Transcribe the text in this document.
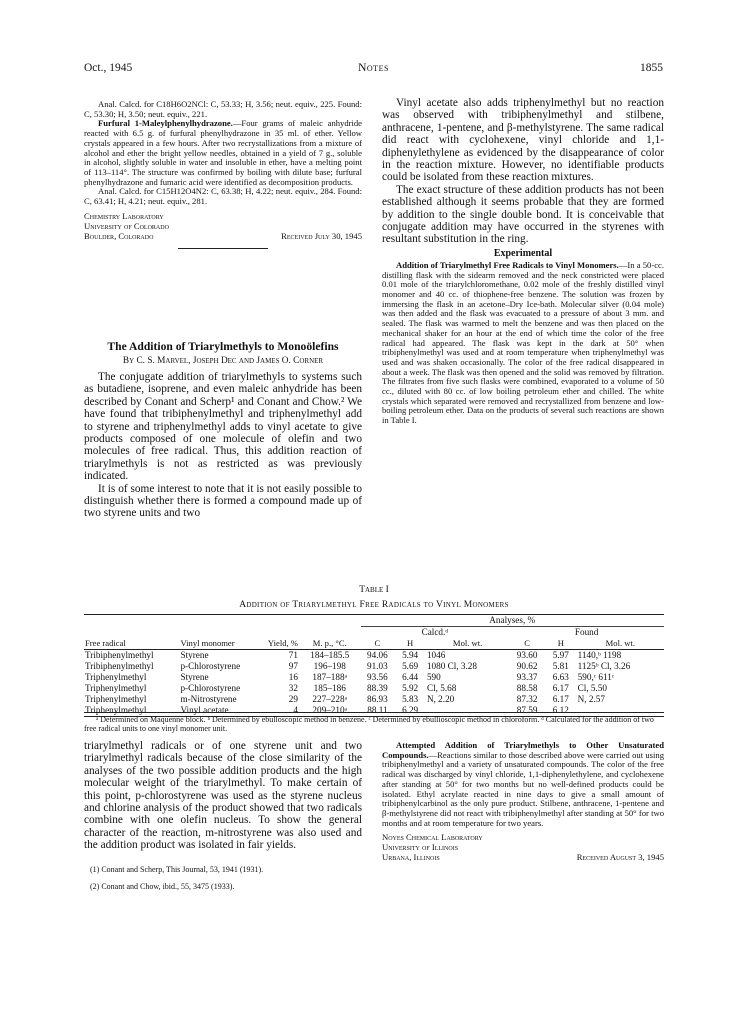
Oct., 1945	Notes	1855

Anal. Calcd. for C18H6O2NCl: C, 53.33; H, 3.56; neut. equiv., 225. Found: C, 53.30; H, 3.50; neut. equiv., 221.

Furfural 1-Maleylphenylhydrazone.—Four grams of maleic anhydride reacted with 6.5 g. of furfural phenylhydrazone in 35 ml. of ether. Yellow crystals appeared in a few hours. After two recrystallizations from a mixture of alcohol and ether the bright yellow needles, obtained in a yield of 7 g., soluble in alcohol, slightly soluble in water and insoluble in ether, have a melting point of 113–114°. The structure was confirmed by boiling with dilute base; furfural phenylhydrazone and fumaric acid were identified as decomposition products.

Anal. Calcd. for C15H12O4N2: C, 63.38; H, 4.22; neut. equiv., 284. Found: C, 63.41; H, 4.21; neut. equiv., 281.

Chemistry Laboratory

University of Colorado

Boulder, Colorado	Received July 30, 1945
The Addition of Triarylmethyls to Monoölefins
By C. S. Marvel, Joseph Dec and James O. Corner

The conjugate addition of triarylmethyls to systems such as butadiene, isoprene, and even maleic anhydride has been described by Conant and Scherp¹ and Conant and Chow.² We have found that tribiphenylmethyl and triphenylmethyl add to styrene and triphenylmethyl adds to vinyl acetate to give products composed of one molecule of olefin and two molecules of free radical. Thus, this addition reaction of triarylmethyls is not as restricted as was previously indicated.

It is of some interest to note that it is not easily possible to distinguish whether there is formed a compound made up of two styrene units and two

Vinyl acetate also adds triphenylmethyl but no reaction was observed with tribiphenylmethyl and stilbene, anthracene, 1-pentene, and β-methylstyrene. The same radical did react with cyclohexene, vinyl chloride and 1,1-diphenylethylene as evidenced by the disappearance of color in the reaction mixture. However, no identifiable products could be isolated from these reaction mixtures.

The exact structure of these addition products has not been established although it seems probable that they are formed by addition to the single double bond. It is conceivable that conjugate addition may have occurred in the styrenes with resultant substitution in the ring.

Experimental

Addition of Triarylmethyl Free Radicals to Vinyl Monomers.—In a 50-cc. distilling flask with the sidearm removed and the neck constricted were placed 0.01 mole of the triarylchloromethane, 0.02 mole of the freshly distilled vinyl monomer and 40 cc. of thiophene-free benzene. The solution was frozen by immersing the flask in an acetone–Dry Ice-bath. Molecular silver (0.04 mole) was then added and the flask was evacuated to a pressure of about 3 mm. and sealed. The flask was warmed to melt the benzene and was then placed on the mechanical shaker for an hour at the end of which time the color of the free radical had appeared. The flask was kept in the dark at 50° when tribiphenylmethyl was used and at room temperature when triphenylmethyl was used and was shaken occasionally. The color of the free radical disappeared in about a week. The flask was then opened and the solid was removed by filtration. The filtrates from five such flasks were combined, evaporated to a volume of 50 cc., diluted with 80 cc. of low boiling petroleum ether and chilled. The white crystals which separated were removed and recrystallized from benzene and low-boiling petroleum ether. Data on the products of several such reactions are shown in Table I.

Table I
Addition of Triarylmethyl Free Radicals to Vinyl Monomers
				Analyses, %					
				Calcd.ᵈ			Found		
Free radical	Vinyl monomer	Yield, %	M. p., °C.	C	H	Mol. wt.	C	H	Mol. wt.
Tribiphenylmethyl	Styrene	71	184–185.5	94.06	5.94	1046	93.60	5.97	1140,ᵇ 1198
Tribiphenylmethyl	p-Chlorostyrene	97	196–198	91.03	5.69	1080 Cl, 3.28	90.62	5.81	1125ᵇ Cl, 3.26
Triphenylmethyl	Styrene	16	187–188ᵃ	93.56	6.44	590	93.37	6.63	590,ᶜ 611ᶜ
Triphenylmethyl	p-Chlorostyrene	32	185–186	88.39	5.92	Cl, 5.68	88.58	6.17	Cl, 5.50
Triphenylmethyl	m-Nitrostyrene	29	227–228ᵃ	86.93	5.83	N, 2.20	87.32	6.17	N, 2.57
Triphenylmethyl	Vinyl acetate	4	209–210ᵃ	88.11	6.29		87.59	6.12	
ᵃ Determined on Maquenne block. ᵇ Determined by ebulloscopic method in benzene. ᶜ Determined by ebullioscopic method in chloroform. ᵈ Calculated for the addition of two free radical units to one vinyl monomer unit.

triarylmethyl radicals or of one styrene unit and two triarylmethyl radicals because of the close similarity of the analyses of the two possible addition products and the high molecular weight of the triarylmethyl. To make certain of this point, p-chlorostyrene was used as the styrene nucleus and chlorine analysis of the product showed that two radicals combine with one olefin nucleus. To show the general character of the reaction, m-nitrostyrene was also used and the addition product was isolated in fair yields.

(1) Conant and Scherp, This Journal, 53, 1941 (1931).

(2) Conant and Chow, ibid., 55, 3475 (1933).

Attempted Addition of Triarylmethyls to Other Unsaturated Compounds.—Reactions similar to those described above were carried out using tribiphenylmethyl and a variety of unsaturated compounds. The color of the free radical was discharged by vinyl chloride, 1,1-diphenylethylene, and cyclohexene after standing at 50° for two months but no well-defined products could be isolated. Ethyl acrylate reacted in nine days to give a small amount of tribiphenylcarbinol as the only pure product. Stilbene, anthracene, 1-pentene and β-methylstyrene did not react with tribiphenylmethyl after standing at 50° for two months and at room temperature for two years.

Noyes Chemical Laboratory

University of Illinois

Urbana, Illinois	Received August 3, 1945
